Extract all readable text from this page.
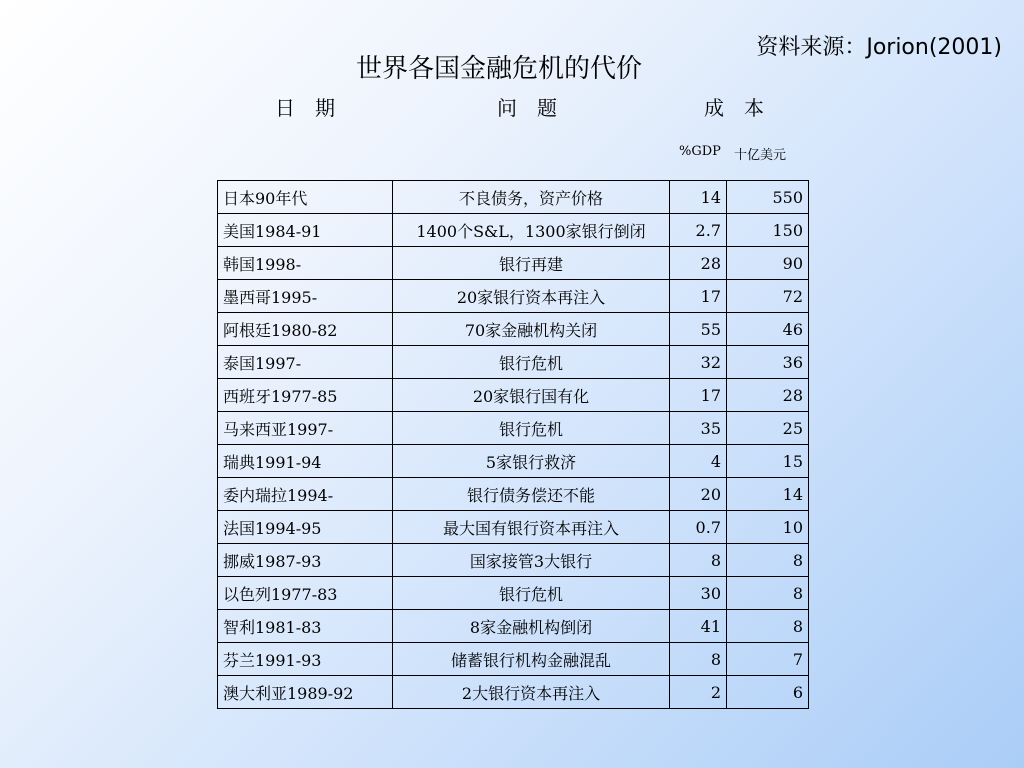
资料来源：Jorion(2001)
世界各国金融危机的代价
日　期	问　题	成　本
%GDP 十亿美元
日本90年代	不良债务，资产价格	14	550
美国1984-91	1400个S&L，1300家银行倒闭	2.7	150
韩国1998-	银行再建	28	90
墨西哥1995-	20家银行资本再注入	17	72
阿根廷1980-82	70家金融机构关闭	55	46
泰国1997-	银行危机	32	36
西班牙1977-85	20家银行国有化	17	28
马来西亚1997-	银行危机	35	25
瑞典1991-94	5家银行救济	4	15
委内瑞拉1994-	银行债务偿还不能	20	14
法国1994-95	最大国有银行资本再注入	0.7	10
挪威1987-93	国家接管3大银行	8	8
以色列1977-83	银行危机	30	8
智利1981-83	8家金融机构倒闭	41	8
芬兰1991-93	储蓄银行机构金融混乱	8	7
澳大利亚1989-92	2大银行资本再注入	2	6
